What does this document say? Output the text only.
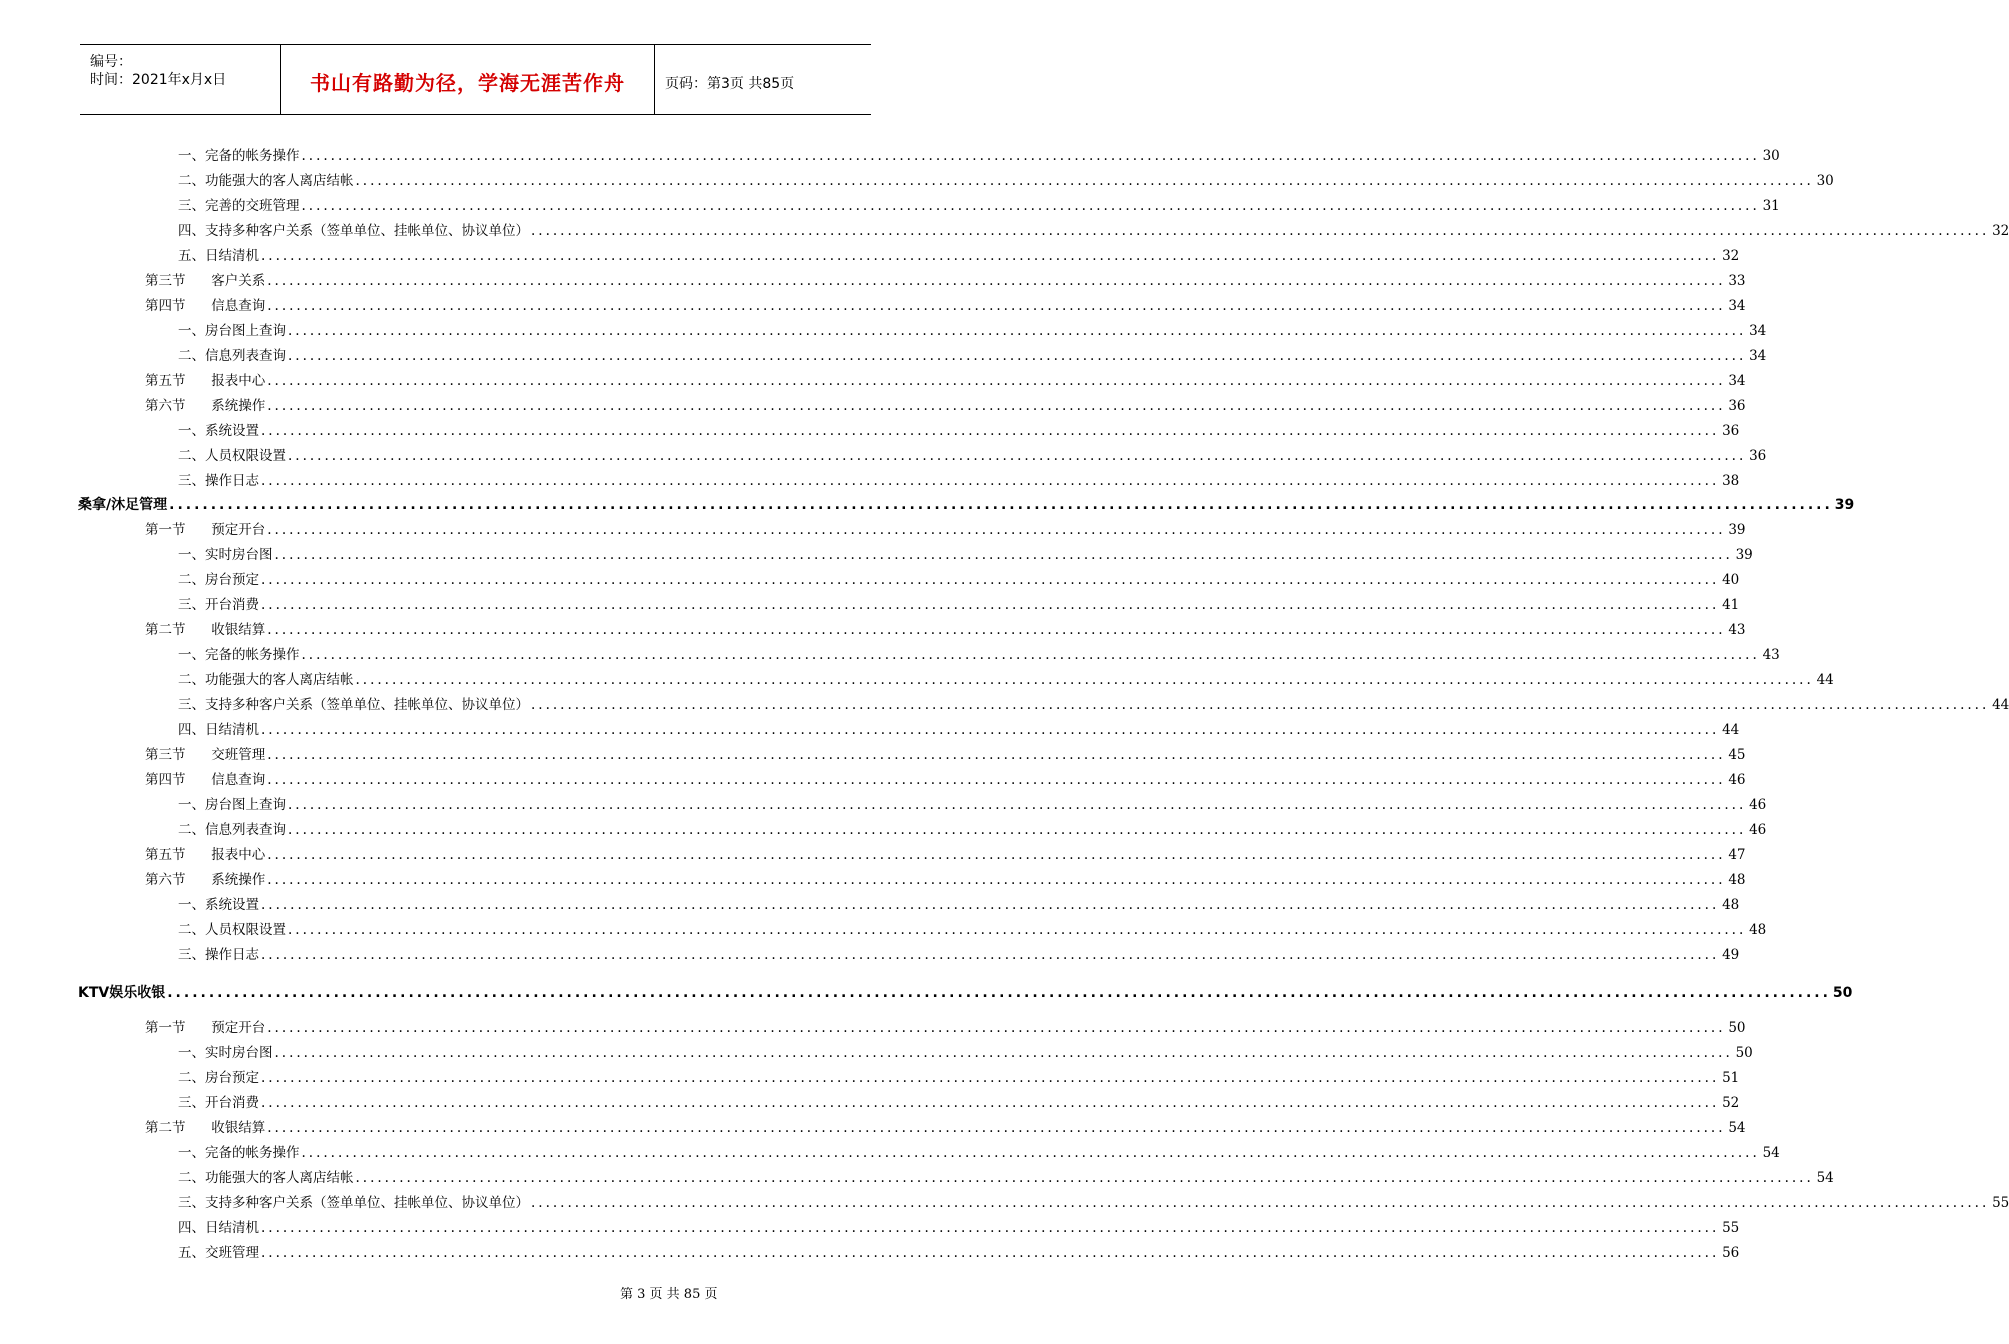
编号：
时间：2021年x月x日	书山有路勤为径，学海无涯苦作舟	页码：第3页 共85页
一、完备的帐务操作 ........................................................................................................................................................................................................ 30
二、功能强大的客人离店结帐 ........................................................................................................................................................................................................ 30
三、完善的交班管理 ........................................................................................................................................................................................................ 31
四、支持多种客户关系（签单单位、挂帐单位、协议单位） ........................................................................................................................................................................................................ 32
五、日结清机 ........................................................................................................................................................................................................ 32
第三节      客户关系 ........................................................................................................................................................................................................ 33
第四节      信息查询 ........................................................................................................................................................................................................ 34
一、房台图上查询 ........................................................................................................................................................................................................ 34
二、信息列表查询 ........................................................................................................................................................................................................ 34
第五节      报表中心 ........................................................................................................................................................................................................ 34
第六节      系统操作 ........................................................................................................................................................................................................ 36
一、系统设置 ........................................................................................................................................................................................................ 36
二、人员权限设置 ........................................................................................................................................................................................................ 36
三、操作日志 ........................................................................................................................................................................................................ 38
桑拿/沐足管理 ........................................................................................................................................................................................................ 39
第一节      预定开台 ........................................................................................................................................................................................................ 39
一、实时房台图 ........................................................................................................................................................................................................ 39
二、房台预定 ........................................................................................................................................................................................................ 40
三、开台消费 ........................................................................................................................................................................................................ 41
第二节      收银结算 ........................................................................................................................................................................................................ 43
一、完备的帐务操作 ........................................................................................................................................................................................................ 43
二、功能强大的客人离店结帐 ........................................................................................................................................................................................................ 44
三、支持多种客户关系（签单单位、挂帐单位、协议单位） ........................................................................................................................................................................................................ 44
四、日结清机 ........................................................................................................................................................................................................ 44
第三节      交班管理 ........................................................................................................................................................................................................ 45
第四节      信息查询 ........................................................................................................................................................................................................ 46
一、房台图上查询 ........................................................................................................................................................................................................ 46
二、信息列表查询 ........................................................................................................................................................................................................ 46
第五节      报表中心 ........................................................................................................................................................................................................ 47
第六节      系统操作 ........................................................................................................................................................................................................ 48
一、系统设置 ........................................................................................................................................................................................................ 48
二、人员权限设置 ........................................................................................................................................................................................................ 48
三、操作日志 ........................................................................................................................................................................................................ 49
KTV娱乐收银 ........................................................................................................................................................................................................ 50
第一节      预定开台 ........................................................................................................................................................................................................ 50
一、实时房台图 ........................................................................................................................................................................................................ 50
二、房台预定 ........................................................................................................................................................................................................ 51
三、开台消费 ........................................................................................................................................................................................................ 52
第二节      收银结算 ........................................................................................................................................................................................................ 54
一、完备的帐务操作 ........................................................................................................................................................................................................ 54
二、功能强大的客人离店结帐 ........................................................................................................................................................................................................ 54
三、支持多种客户关系（签单单位、挂帐单位、协议单位） ........................................................................................................................................................................................................ 55
四、日结清机 ........................................................................................................................................................................................................ 55
五、交班管理 ........................................................................................................................................................................................................ 56
第 3 页 共 85 页
